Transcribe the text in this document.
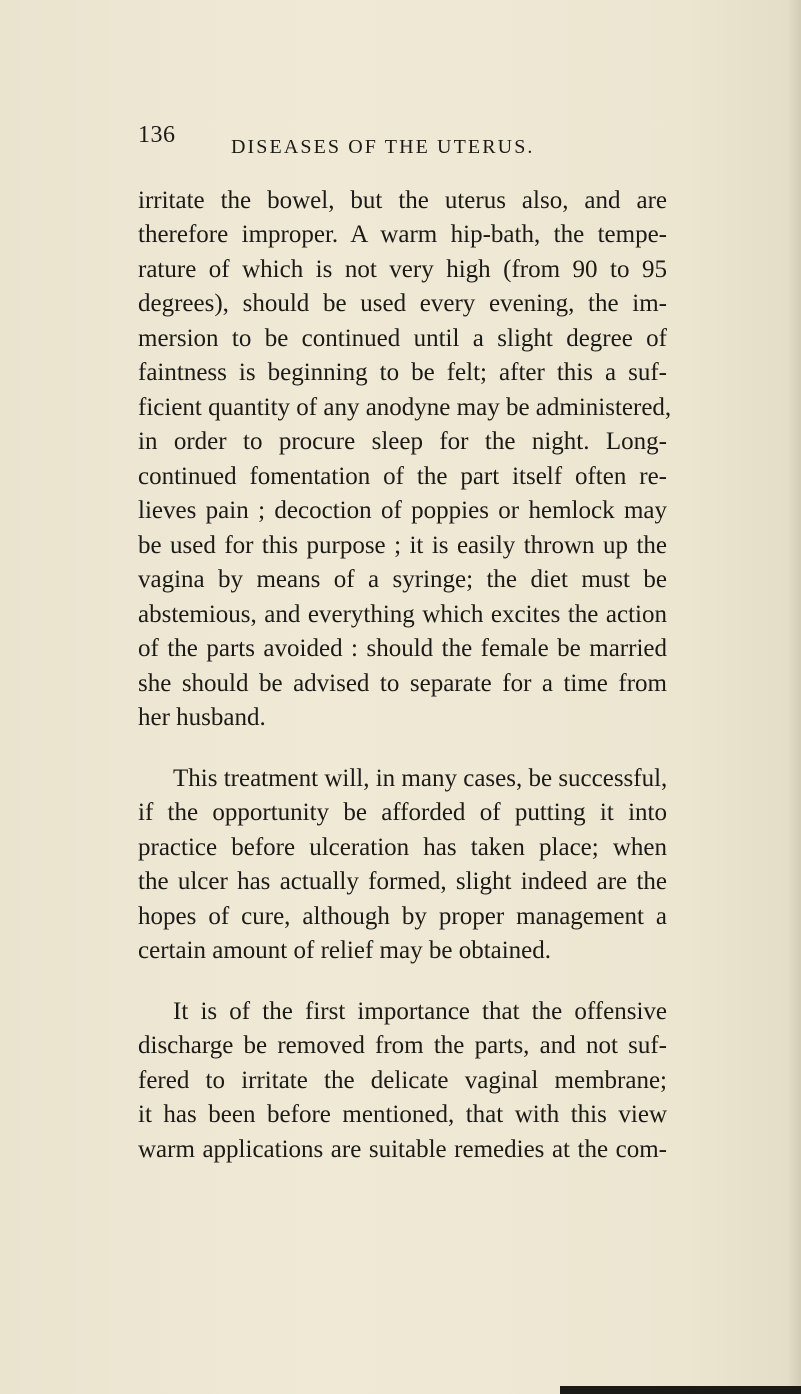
136	DISEASES OF THE UTERUS.
irritate the bowel, but the uterus also, and are
therefore improper. A warm hip-bath, the tempe-
rature of which is not very high (from 90 to 95
degrees), should be used every evening, the im-
mersion to be continued until a slight degree of
faintness is beginning to be felt; after this a suf-
ficient quantity of any anodyne may be administered,
in order to procure sleep for the night. Long-
continued fomentation of the part itself often re-
lieves pain ; decoction of poppies or hemlock may
be used for this purpose ; it is easily thrown up the
vagina by means of a syringe; the diet must be
abstemious, and everything which excites the action
of the parts avoided : should the female be married
she should be advised to separate for a time from
her husband.
This treatment will, in many cases, be successful,
if the opportunity be afforded of putting it into
practice before ulceration has taken place; when
the ulcer has actually formed, slight indeed are the
hopes of cure, although by proper management a
certain amount of relief may be obtained.
It is of the first importance that the offensive
discharge be removed from the parts, and not suf-
fered to irritate the delicate vaginal membrane;
it has been before mentioned, that with this view
warm applications are suitable remedies at the com-
